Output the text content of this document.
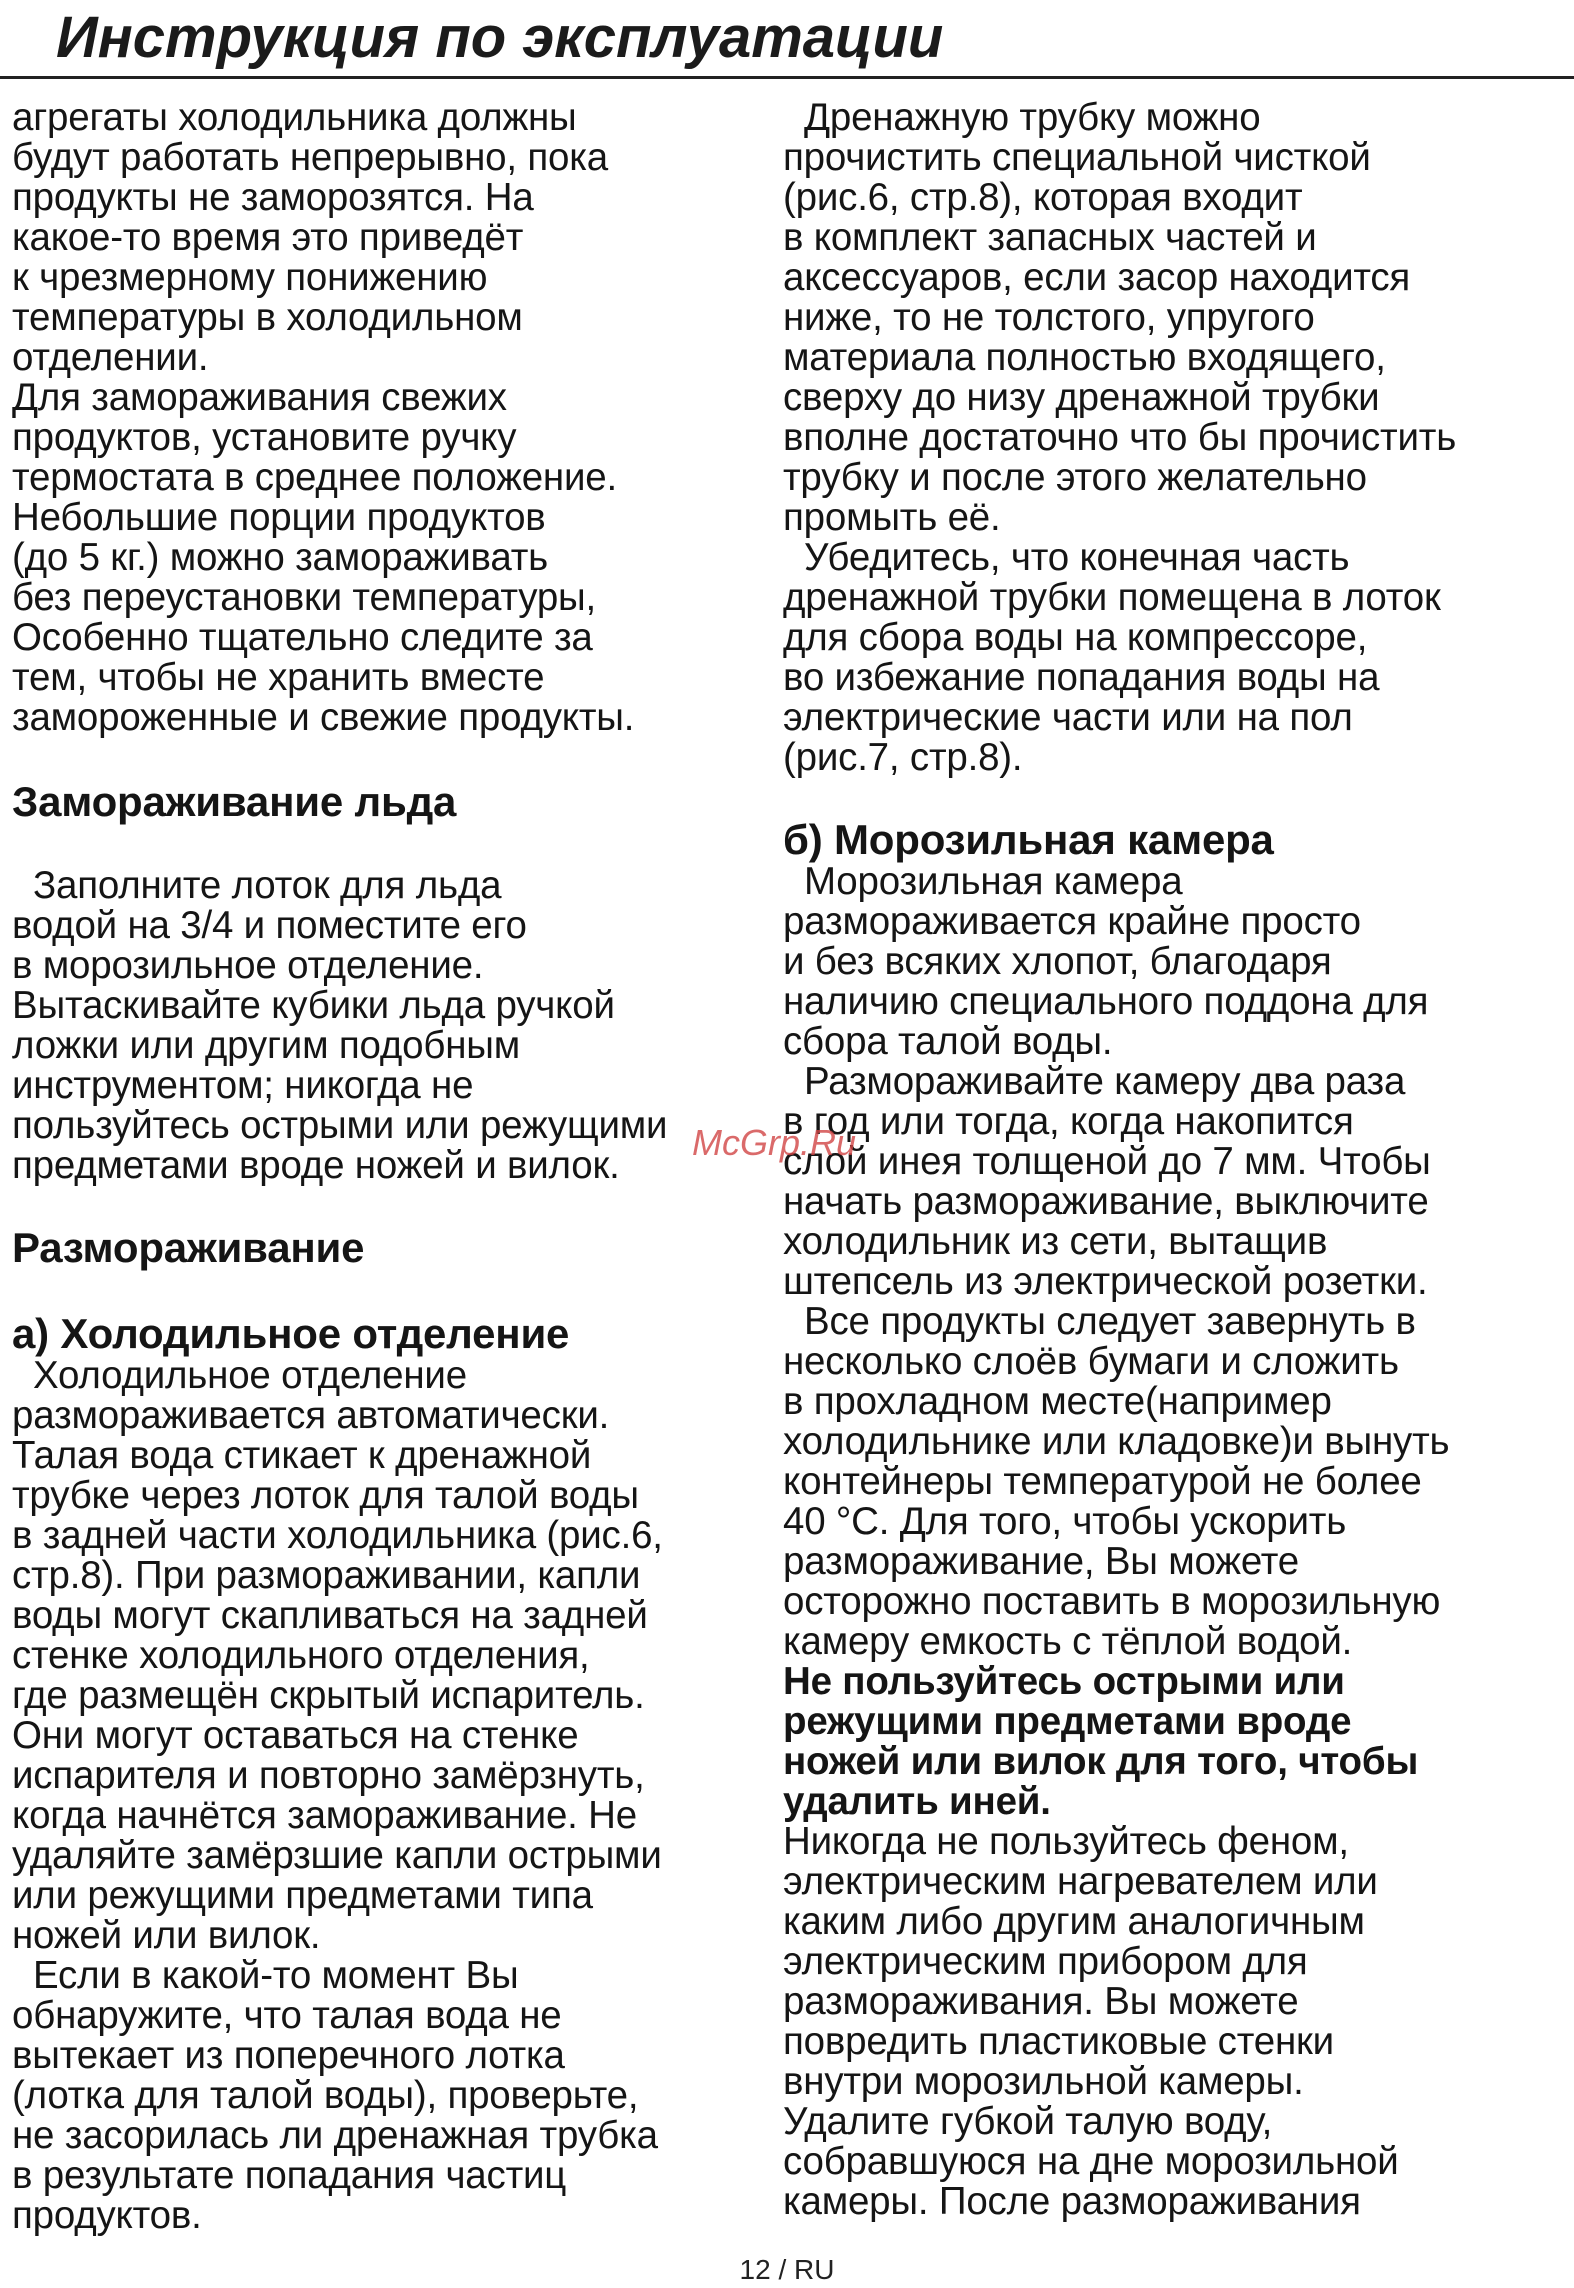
Инструкция по эксплуатации
агрегаты холодильника должны
будут работать непрерывно, пока
продукты не заморозятся. На
какое-то время это приведёт
к чрезмерному понижению
температуры в холодильном
отделении.
Для замораживания свежих
продуктов, установите ручку
термостата в среднее положение.
Небольшие порции продуктов
(до 5 кг.) можно замораживать
без переустановки температуры,
Особенно тщательно следите за
тем, чтобы не хранить вместе
замороженные и свежие продукты.
Замораживание льда
Заполните лоток для льда
водой на 3/4 и поместите его
в морозильное отделение.
Вытаскивайте кубики льда ручкой
ложки или другим подобным
инструментом; никогда не
пользуйтесь острыми или режущими
предметами вроде ножей и вилок.
Размораживание
а) Холодильное отделение
Холодильное отделение
размораживается автоматически.
Талая вода стикает к дренажной
трубке через лоток для талой воды
в задней части холодильника (рис.6,
стр.8). При размораживании, капли
воды могут скапливаться на задней
стенке холодильного отделения,
где размещён скрытый испаритель.
Они могут оставаться на стенке
испарителя и повторно замёрзнуть,
когда начнётся замораживание. Не
удаляйте замёрзшие капли острыми
или режущими предметами типа
ножей или вилок.
Если в какой-то момент Вы
обнаружите, что талая вода не
вытекает из поперечного лотка
(лотка для талой воды), проверьте,
не засорилась ли дренажная трубка
в результате попадания частиц
продуктов.
Дренажную трубку можно
прочистить специальной чисткой
(рис.6, стр.8), которая входит
в комплект запасных частей и
аксессуаров, если засор находится
ниже, то не толстого, упругого
материала полностью входящего,
сверху до низу дренажной трубки
вполне достаточно что бы прочистить
трубку и после этого желательно
промыть её.
Убедитесь, что конечная часть
дренажной трубки помещена в лоток
для сбора воды на компрессоре,
во избежание попадания воды на
электрические части или на пол
(рис.7, стр.8).
б) Морозильная камера
Морозильная камера
размораживается крайне просто
и без всяких хлопот, благодаря
наличию специального поддона для
сбора талой воды.
Размораживайте камеру два раза
в год или тогда, когда накопится
слой инея толщеной до 7 мм. Чтобы
начать размораживание, выключите
холодильник из сети, вытащив
штепсель из электрической розетки.
Все продукты следует завернуть в
несколько слоёв бумаги и сложить
в прохладном месте(например
холодильнике или кладовке)и вынуть
контейнеры температурой не более
40 °С. Для того, чтобы ускорить
размораживание, Вы можете
осторожно поставить в морозильную
камеру емкость с тёплой водой.
Не пользуйтесь острыми или
режущими предметами вроде
ножей или вилок для того, чтобы
удалить иней.
Никогда не пользуйтесь феном,
электрическим нагревателем или
каким либо другим аналогичным
электрическим прибором для
размораживания. Вы можете
повредить пластиковые стенки
внутри морозильной камеры.
Удалите губкой талую воду,
собравшуюся на дне морозильной
камеры. После размораживания
McGrp.Ru
12 / RU
